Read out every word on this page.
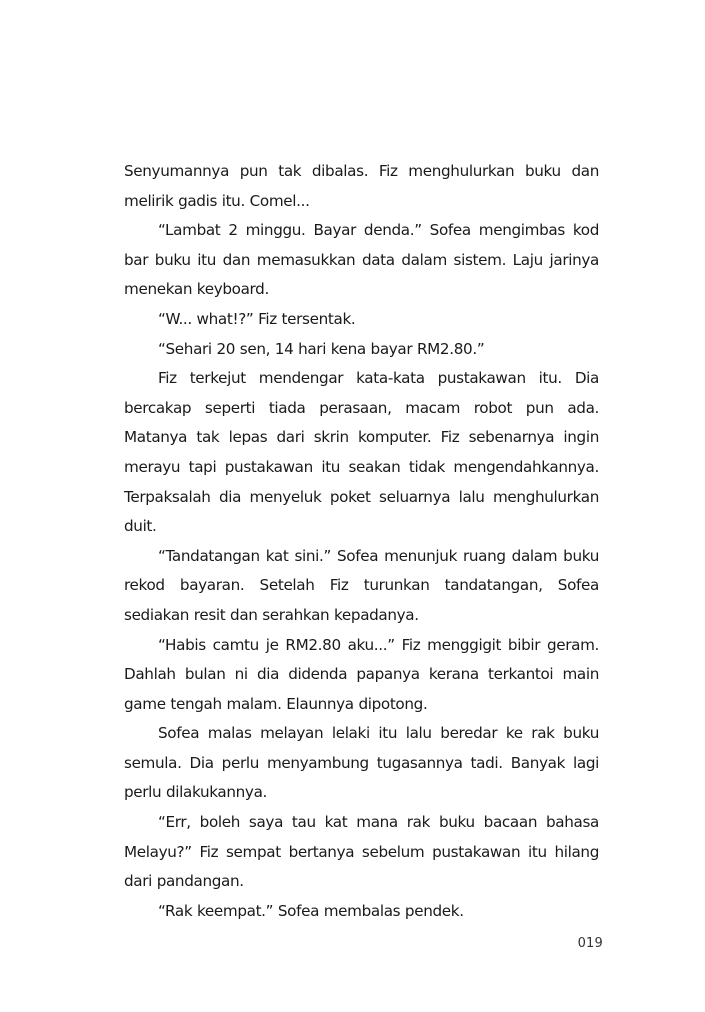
Senyumannya pun tak dibalas. Fiz menghulurkan buku dan melirik gadis itu. Comel...

“Lambat 2 minggu. Bayar denda.” Sofea mengimbas kod bar buku itu dan memasukkan data dalam sistem. Laju jarinya menekan keyboard.

“W... what!?” Fiz tersentak.

“Sehari 20 sen, 14 hari kena bayar RM2.80.”

Fiz terkejut mendengar kata-kata pustakawan itu. Dia bercakap seperti tiada perasaan, macam robot pun ada. Matanya tak lepas dari skrin komputer. Fiz sebenarnya ingin merayu tapi pustakawan itu seakan tidak mengendahkannya. Terpaksalah dia menyeluk poket seluarnya lalu menghulurkan duit.

“Tandatangan kat sini.” Sofea menunjuk ruang dalam buku rekod bayaran. Setelah Fiz turunkan tandatangan, Sofea sediakan resit dan serahkan kepadanya.

“Habis camtu je RM2.80 aku...” Fiz menggigit bibir geram. Dahlah bulan ni dia didenda papanya kerana terkantoi main game tengah malam. Elaunnya dipotong.

Sofea malas melayan lelaki itu lalu beredar ke rak buku semula. Dia perlu menyambung tugasannya tadi. Banyak lagi perlu dilakukannya.

“Err, boleh saya tau kat mana rak buku bacaan bahasa Melayu?” Fiz sempat bertanya sebelum pustakawan itu hilang dari pandangan.

“Rak keempat.” Sofea membalas pendek.

019
